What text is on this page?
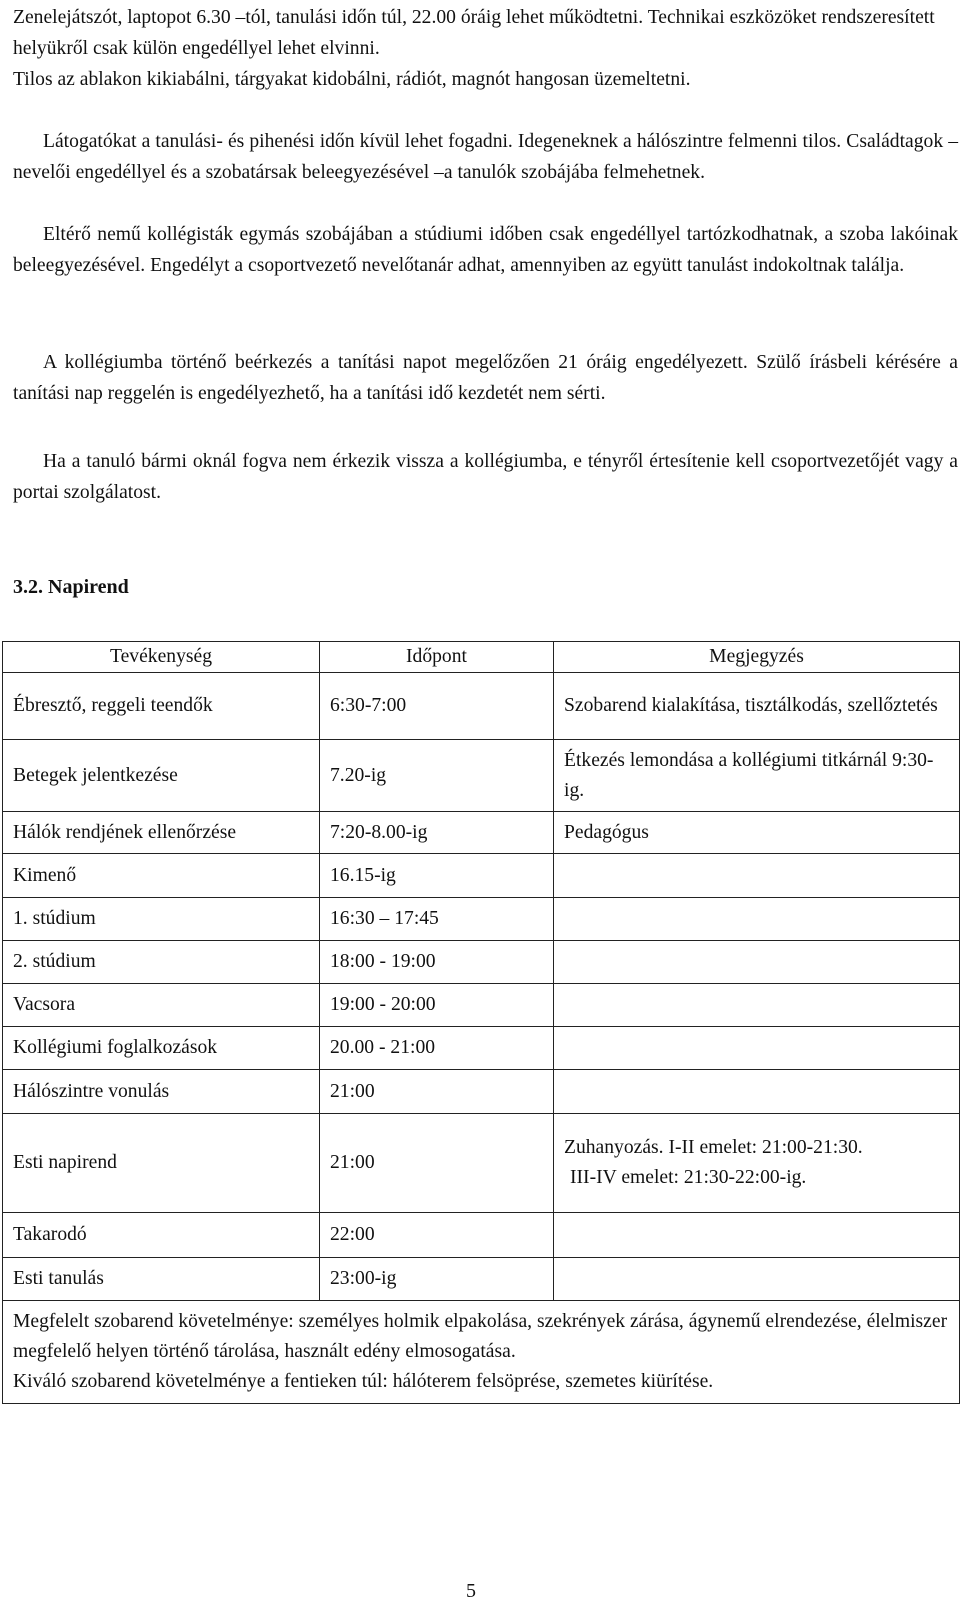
Zenelejátszót, laptopot 6.30 –tól, tanulási időn túl, 22.00 óráig lehet működtetni. Technikai eszközöket rendszeresített helyükről csak külön engedéllyel lehet elvinni.

Tilos az ablakon kikiabálni, tárgyakat kidobálni, rádiót, magnót hangosan üzemeltetni.

Látogatókat a tanulási- és pihenési időn kívül lehet fogadni. Idegeneknek a hálószintre felmenni tilos. Családtagok – nevelői engedéllyel és a szobatársak beleegyezésével –a tanulók szobájába felmehetnek.

Eltérő nemű kollégisták egymás szobájában a stúdiumi időben csak engedéllyel tartózkodhatnak, a szoba lakóinak beleegyezésével. Engedélyt a csoportvezető nevelőtanár adhat, amennyiben az együtt tanulást indokoltnak találja.

A kollégiumba történő beérkezés a tanítási napot megelőzően 21 óráig engedélyezett. Szülő írásbeli kérésére a tanítási nap reggelén is engedélyezhető, ha a tanítási idő kezdetét nem sérti.

Ha a tanuló bármi oknál fogva nem érkezik vissza a kollégiumba, e tényről értesítenie kell csoportvezetőjét vagy a portai szolgálatost.

3.2. Napirend

Tevékenység	Időpont	Megjegyzés
Ébresztő, reggeli teendők	6:30-7:00	Szobarend kialakítása, tisztálkodás, szellőztetés
Betegek jelentkezése	7.20-ig	Étkezés lemondása a kollégiumi titkárnál 9:30-ig.
Hálók rendjének ellenőrzése	7:20-8.00-ig	Pedagógus
Kimenő	16.15-ig	
1. stúdium	16:30 – 17:45	
2. stúdium	18:00 - 19:00	
Vacsora	19:00 - 20:00	
Kollégiumi foglalkozások	20.00 - 21:00	
Hálószintre vonulás	21:00	
Esti napirend	21:00	Zuhanyozás. I-II emelet: 21:00-21:30.
III-IV emelet: 21:30-22:00-ig.
Takarodó	22:00	
Esti tanulás	23:00-ig	

Megfelelt szobarend követelménye: személyes holmik elpakolása, szekrények zárása, ágynemű elrendezése, élelmiszer megfelelő helyen történő tárolása, használt edény elmosogatása.

Kiváló szobarend követelménye a fentieken túl: hálóterem felsöprése, szemetes kiürítése.		

5
